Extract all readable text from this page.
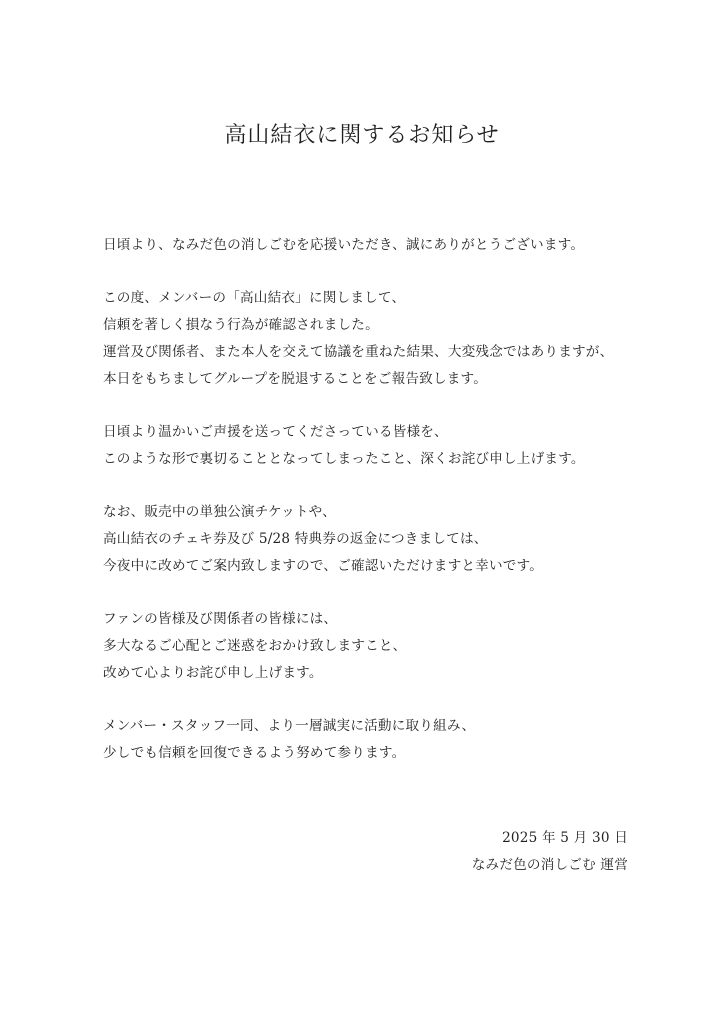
高山結衣に関するお知らせ
日頃より、なみだ色の消しごむを応援いただき、誠にありがとうございます。
この度、メンバーの「高山結衣」に関しまして、
信頼を著しく損なう行為が確認されました。
運営及び関係者、また本人を交えて協議を重ねた結果、大変残念ではありますが、
本日をもちましてグループを脱退することをご報告致します。
日頃より温かいご声援を送ってくださっている皆様を、
このような形で裏切ることとなってしまったこと、深くお詫び申し上げます。
なお、販売中の単独公演チケットや、
高山結衣のチェキ券及び 5/28 特典券の返金につきましては、
今夜中に改めてご案内致しますので、ご確認いただけますと幸いです。
ファンの皆様及び関係者の皆様には、
多大なるご心配とご迷惑をおかけ致しますこと、
改めて心よりお詫び申し上げます。
メンバー・スタッフ一同、より一層誠実に活動に取り組み、
少しでも信頼を回復できるよう努めて参ります。
2025 年 5 月 30 日
なみだ色の消しごむ 運営
